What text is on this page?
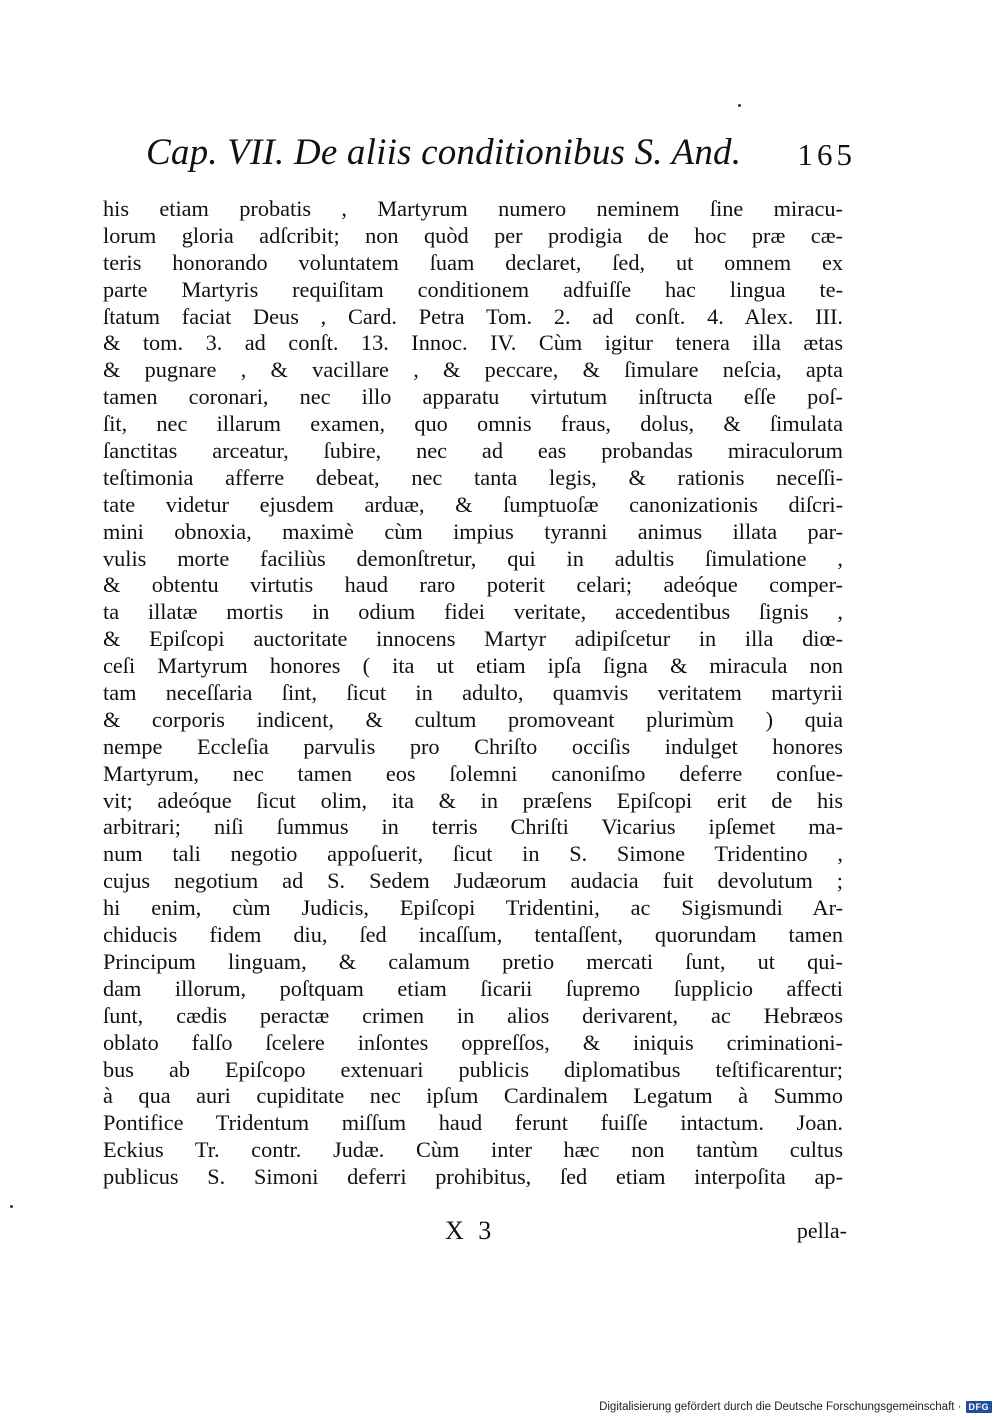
Cap. VII. De aliis conditionibus S. And. 165
his etiam probatis , Martyrum numero neminem ſine miracu-
lorum gloria adſcribit; non quòd per prodigia de hoc præ cæ-
teris honorando voluntatem ſuam declaret, ſed, ut omnem ex
parte Martyris requiſitam conditionem adfuiſſe hac lingua te-
ſtatum faciat Deus , Card. Petra Tom. 2. ad conſt. 4. Alex. III.
& tom. 3. ad conſt. 13. Innoc. IV. Cùm igitur tenera illa ætas
& pugnare , & vacillare , & peccare, & ſimulare neſcia, apta
tamen coronari, nec illo apparatu virtutum inſtructa eſſe poſ-
ſit, nec illarum examen, quo omnis fraus, dolus, & ſimulata
ſanctitas arceatur, ſubire, nec ad eas probandas miraculorum
teſtimonia afferre debeat, nec tanta legis, & rationis neceſſi-
tate videtur ejusdem arduæ, & ſumptuoſæ canonizationis diſcri-
mini obnoxia, maximè cùm impius tyranni animus illata par-
vulis morte faciliùs demonſtretur, qui in adultis ſimulatione ,
& obtentu virtutis haud raro poterit celari; adeóque comper-
ta illatæ mortis in odium fidei veritate, accedentibus ſignis ,
& Epiſcopi auctoritate innocens Martyr adipiſcetur in illa diœ-
ceſi Martyrum honores ( ita ut etiam ipſa ſigna & miracula non
tam neceſſaria ſint, ſicut in adulto, quamvis veritatem martyrii
& corporis indicent, & cultum promoveant plurimùm ) quia
nempe Eccleſia parvulis pro Chriſto occiſis indulget honores
Martyrum, nec tamen eos ſolemni canoniſmo deferre conſue-
vit; adeóque ſicut olim, ita & in præſens Epiſcopi erit de his
arbitrari; niſi ſummus in terris Chriſti Vicarius ipſemet ma-
num tali negotio appoſuerit, ſicut in S. Simone Tridentino ,
cujus negotium ad S. Sedem Judæorum audacia fuit devolutum ;
hi enim, cùm Judicis, Epiſcopi Tridentini, ac Sigismundi Ar-
chiducis fidem diu, ſed incaſſum, tentaſſent, quorundam tamen
Principum linguam, & calamum pretio mercati ſunt, ut qui-
dam illorum, poſtquam etiam ſicarii ſupremo ſupplicio affecti
ſunt, cædis peractæ crimen in alios derivarent, ac Hebræos
oblato falſo ſcelere inſontes oppreſſos, & iniquis criminationi-
bus ab Epiſcopo extenuari publicis diplomatibus teſtificarentur;
à qua auri cupiditate nec ipſum Cardinalem Legatum à Summo
Pontifice Tridentum miſſum haud ferunt fuiſſe intactum. Joan.
Eckius Tr. contr. Judæ. Cùm inter hæc non tantùm cultus
publicus S. Simoni deferri prohibitus, ſed etiam interpoſita ap-
X 3	pella-
Digitalisierung gefördert durch die Deutsche Forschungsgemeinschaft · DFG
